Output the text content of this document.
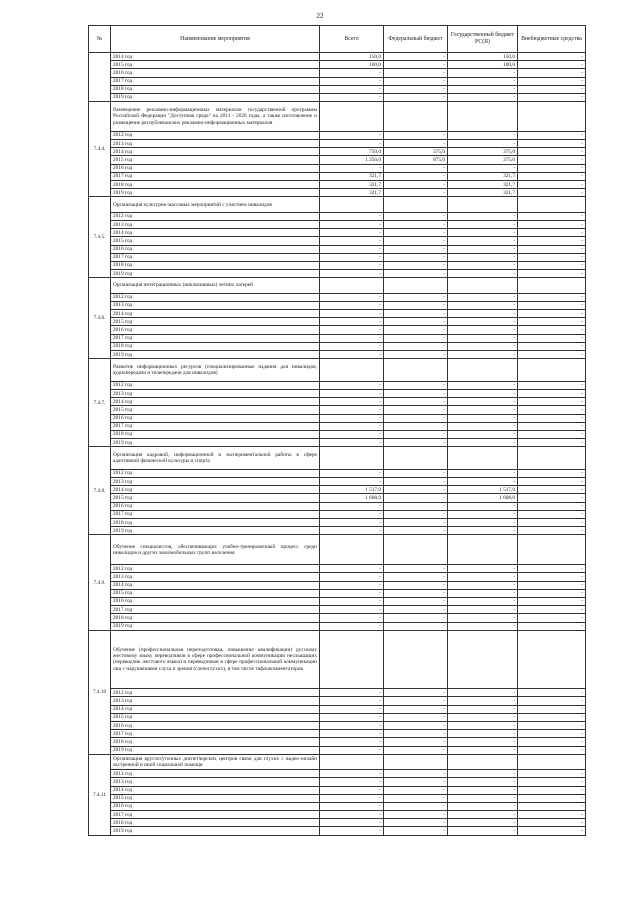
22
№	Наименование мероприятия	Всего	Федеральный бюджет	Государственный бюджет РС(Я)	Внебюджетные средства
	2014 год	150,0	-	150,0	-
	2015 год	100,0	-	100,0	-
	2016 год	-	-	-	-
	2017 год	-	-	-	-
	2018 год	-	-	-	-
	2019 год	-	-	-	-
7.4.4.	Размещение рекламно-информационных материалов государственной программы Российской Федерации "Доступная среда" на 2011 - 2020 годы, а также изготовление и размещение республиканских рекламно-информационных материалов				
	2012 год	-	-	-	-
	2013 год	-	-	-	-
	2014 год	750,0	375,0	375,0	-
	2015 год	1 250,0	875,0	375,0	-
	2016 год	-	-	-	-
	2017 год	321,7	-	321,7	-
	2018 год	321,7	-	321,7	-
	2019 год	321,7	-	321,7	-
7.4.5.	Организация культурно-массовых мероприятий с участием инвалидов				
	2012 год	-	-	-	-
	2013 год	-	-	-	-
	2014 год	-	-	-	-
	2015 год	-	-	-	-
	2016 год	-	-	-	-
	2017 год	-	-	-	-
	2018 год	-	-	-	-
	2019 год	-	-	-	-
7.4.6.	Организация интеграционных (инклюзивных) летних лагерей				
	2012 год	-	-	-	-
	2013 год	-	-	-	-
	2014 год	-	-	-	-
	2015 год	-	-	-	-
	2016 год	-	-	-	-
	2017 год	-	-	-	-
	2018 год	-	-	-	-
	2019 год	-	-	-	-
7.4.7.	Развитие информационных ресурсов (специализированные издания для инвалидов, аудиопередачи и телепередачи для инвалидов)				
	2012 год	-	-	-	-
	2013 год	-	-	-	-
	2014 год	-	-	-	-
	2015 год	-	-	-	-
	2016 год	-	-	-	-
	2017 год	-	-	-	-
	2018 год	-	-	-	-
	2019 год	-	-	-	-
7.4.8.	Организация кадровой, информационной и экспериментальной работы в сфере адаптивной физической культуры и спорта				
	2012 год	-	-	-	-
	2013 год	-	-	-	-
	2014 год	1 517,0	-	1 517,0	-
	2015 год	1 608,0	-	1 608,0	-
	2016 год	-	-	-	-
	2017 год	-	-	-	-
	2018 год	-	-	-	-
	2019 год	-	-	-	-
7.4.9.	Обучение специалистов, обеспечивающих учебно-тренировочный процесс среди инвалидов и других маломобильных групп населения				
	2012 год	-	-	-	-
	2013 год	-	-	-	-
	2014 год	-	-	-	-
	2015 год	-	-	-	-
	2016 год	-	-	-	-
	2017 год	-	-	-	-
	2018 год	-	-	-	-
	2019 год	-	-	-	-
7.4.10	Обучение (профессиональная переподготовка, повышение квалификации) русскому жестовому языку переводчиков в сфере профессиональной коммуникации неслышащих (переводчик жестового языка) и переводчиков в сфере профессиональной коммуникации лиц с нарушениями слуха и зрения (слепоглухих), в том числе тифлокомментаторов				
	2012 год	-	-	-	-
	2013 год	-	-	-	-
	2014 год	-	-	-	-
	2015 год	-	-	-	-
	2016 год	-	-	-	-
	2017 год	-	-	-	-
	2018 год	-	-	-	-
	2019 год	-	-	-	-
7.4.11	Организация круглосуточных диспетчерских центров связи для глухих с видео-онлайн экстренной и иной социальной помощи				
	2012 год	-	-	-	-
	2013 год	-	-	-	-
	2014 год	-	-	-	-
	2015 год	-	-	-	-
	2016 год	-	-	-	-
	2017 год	-	-	-	-
	2018 год	-	-	-	-
	2019 год	-	-	-	-
